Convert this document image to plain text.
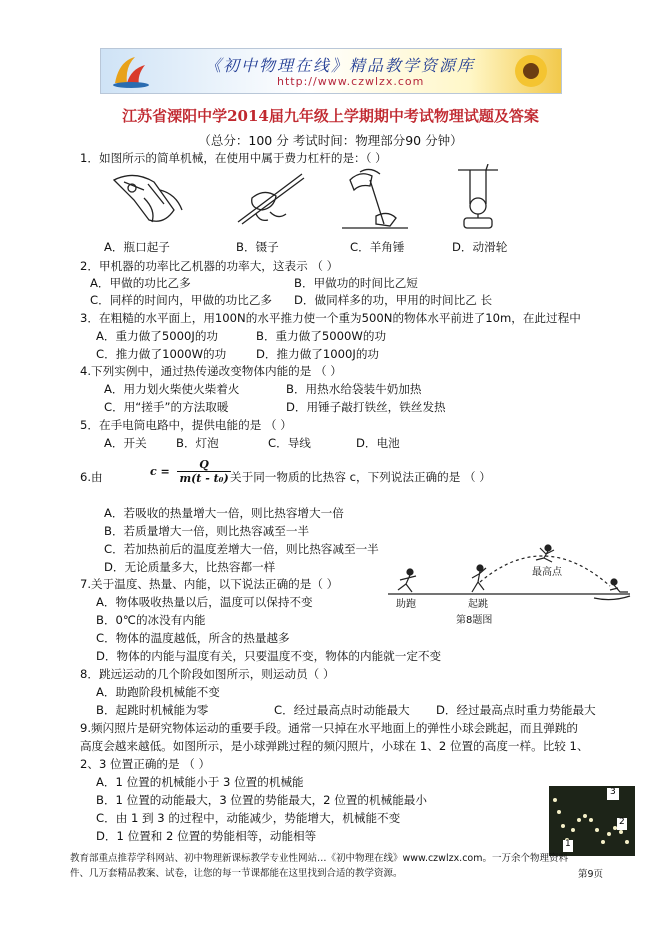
《初中物理在线》精品教学资源库
http://www.czwlzx.com
江苏省溧阳中学2014届九年级上学期期中考试物理试题及答案
（总分：100 分 考试时间：物理部分90 分钟）
1．如图所示的简单机械，在使用中属于费力杠杆的是：（ ）
A．瓶口起子	B．镊子	C．羊角锤	D．动滑轮
2．甲机器的功率比乙机器的功率大，这表示 （ ）
A．甲做的功比乙多	B．甲做功的时间比乙短
C．同样的时间内，甲做的功比乙多 D．做同样多的功，甲用的时间比乙 长
3．在粗糙的水平面上，用100N的水平推力使一个重为500N的物体水平前进了10m，在此过程中
A．重力做了5000J的功	B．重力做了5000W的功
C．推力做了1000W的功	D．推力做了1000J的功
4.下列实例中，通过热传递改变物体内能的是 （ ）
A．用力划火柴使火柴着火	B．用热水给袋装牛奶加热
C．用“搓手”的方法取暖	D．用锤子敲打铁丝，铁丝发热
5．在手电筒电路中，提供电能的是 （ ）
A．开关	B．灯泡	C．导线	D．电池
6.由	$c = \frac{Q}{\text{m(t - t₀)}}$ 关于同一物质的比热容 c，下列说法正确的是 （ ）
A．若吸收的热量增大一倍，则比热容增大一倍
B．若质量增大一倍，则比热容减至一半
C．若加热前后的温度差增大一倍，则比热容减至一半
D．无论质量多大，比热容都一样
7.关于温度、热量、内能，以下说法正确的是（ ）
A．物体吸收热量以后，温度可以保持不变
B．0℃的冰没有内能
C．物体的温度越低，所含的热量越多
D．物体的内能与温度有关，只要温度不变，物体的内能就一定不变
助跑	起跳
最高点
第8题图
8．跳远运动的几个阶段如图所示，则运动员（ ）
A．助跑阶段机械能不变
B．起跳时机械能为零	C．经过最高点时动能最大 D．经过最高点时重力势能最大
9.频闪照片是研究物体运动的重要手段。通常一只掉在水平地面上的弹性小球会跳起，而且弹跳的
高度会越来越低。如图所示，是小球弹跳过程的频闪照片，小球在 1、2 位置的高度一样。比较 1、
2、3 位置正确的是 （ ）
A．1 位置的机械能小于 3 位置的机械能
B．1 位置的动能最大，3 位置的势能最大，2 位置的机械能最小
C．由 1 到 3 的过程中，动能减少，势能增大，机械能不变
D．1 位置和 2 位置的势能相等，动能相等
3
2
1
教育部重点推荐学科网站、初中物理新课标教学专业性网站…《初中物理在线》www.czwlzx.com。一万余个物理资料
件、几万套精品教案、试卷，让您的每一节课都能在这里找到合适的教学资源。	第9页
